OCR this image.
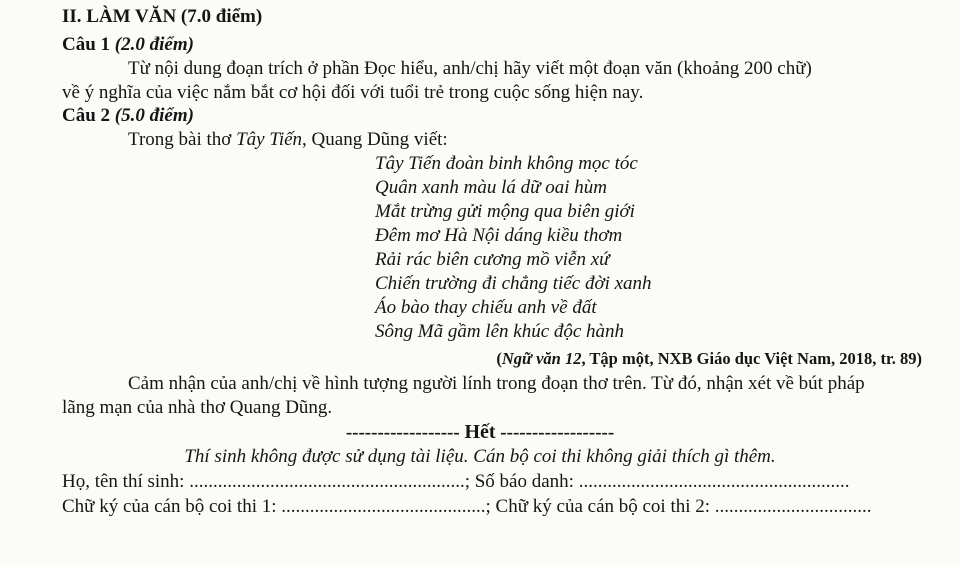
II. LÀM VĂN (7.0 điểm)
Câu 1 (2.0 điểm)
Từ nội dung đoạn trích ở phần Đọc hiểu, anh/chị hãy viết một đoạn văn (khoảng 200 chữ)
về ý nghĩa của việc nắm bắt cơ hội đối với tuổi trẻ trong cuộc sống hiện nay.
Câu 2 (5.0 điểm)
Trong bài thơ Tây Tiến, Quang Dũng viết:
Tây Tiến đoàn binh không mọc tóc
Quân xanh màu lá dữ oai hùm
Mắt trừng gửi mộng qua biên giới
Đêm mơ Hà Nội dáng kiều thơm
Rải rác biên cương mồ viễn xứ
Chiến trường đi chẳng tiếc đời xanh
Áo bào thay chiếu anh về đất
Sông Mã gầm lên khúc độc hành
(Ngữ văn 12, Tập một, NXB Giáo dục Việt Nam, 2018, tr. 89)
Cảm nhận của anh/chị về hình tượng người lính trong đoạn thơ trên. Từ đó, nhận xét về bút pháp
lãng mạn của nhà thơ Quang Dũng.
------------------ Hết ------------------
Thí sinh không được sử dụng tài liệu. Cán bộ coi thi không giải thích gì thêm.
Họ, tên thí sinh: ..........................................................; Số báo danh: .........................................................
Chữ ký của cán bộ coi thi 1: ...........................................; Chữ ký của cán bộ coi thi 2: .................................
